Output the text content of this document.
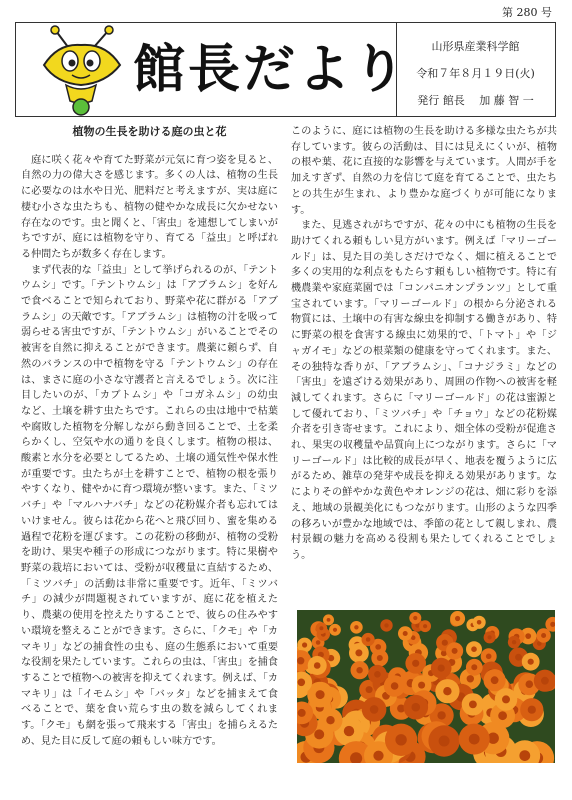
第 280 号
館長だより	山形県産業科学館
令和７年８月１９日(火)
発行 館長　 加 藤 智 一
植物の生長を助ける庭の虫と花

庭に咲く花々や育てた野菜が元気に育つ姿を見ると、自然の力の偉大さを感じます。多くの人は、植物の生長に必要なのは水や日光、肥料だと考えますが、実は庭に棲む小さな虫たちも、植物の健やかな成長に欠かせない存在なのです。虫と聞くと、「害虫」を連想してしまいがちですが、庭には植物を守り、育てる「益虫」と呼ばれる仲間たちが数多く存在します。

まず代表的な「益虫」として挙げられるのが、「テントウムシ」です。「テントウムシ」は「アブラムシ」を好んで食べることで知られており、野菜や花に群がる「アブラムシ」の天敵です。「アブラムシ」は植物の汁を吸って弱らせる害虫ですが、「テントウムシ」がいることでその被害を自然に抑えることができます。農薬に頼らず、自然のバランスの中で植物を守る「テントウムシ」の存在は、まさに庭の小さな守護者と言えるでしょう。次に注目したいのが、「カブトムシ」や「コガネムシ」の幼虫など、土壌を耕す虫たちです。これらの虫は地中で枯葉や腐敗した植物を分解しながら動き回ることで、土を柔らかくし、空気や水の通りを良くします。植物の根は、酸素と水分を必要としてるため、土壌の通気性や保水性が重要です。虫たちが土を耕すことで、植物の根を張りやすくなり、健やかに育つ環境が整います。また、「ミツバチ」や「マルハナバチ」などの花粉媒介者も忘れてはいけません。彼らは花から花へと飛び回り、蜜を集める過程で花粉を運びます。この花粉の移動が、植物の受粉を助け、果実や種子の形成につながります。特に果樹や野菜の栽培においては、受粉が収穫量に直結するため、「ミツバチ」の活動は非常に重要です。近年、「ミツバチ」の減少が問題視されていますが、庭に花を植えたり、農薬の使用を控えたりすることで、彼らの住みやすい環境を整えることができます。さらに、「クモ」や「カマキリ」などの捕食性の虫も、庭の生態系において重要な役割を果たしています。これらの虫は、「害虫」を捕食することで植物への被害を抑えてくれます。例えば、「カマキリ」は「イモムシ」や「バッタ」などを捕まえて食べることで、葉を食い荒らす虫の数を減らしてくれます。「クモ」も網を張って飛来する「害虫」を捕らえるため、見た目に反して庭の頼もしい味方です。

このように、庭には植物の生長を助ける多様な虫たちが共存しています。彼らの活動は、目には見えにくいが、植物の根や葉、花に直接的な影響を与えています。人間が手を加えすぎず、自然の力を信じて庭を育てることで、虫たちとの共生が生まれ、より豊かな庭づくりが可能になります。

また、見逃されがちですが、花々の中にも植物の生長を助けてくれる頼もしい見方がいます。例えば「マリーゴールド」は、見た目の美しさだけでなく、畑に植えることで多くの実用的な利点をもたらす頼もしい植物です。特に有機農業や家庭菜園では「コンパニオンプランツ」として重宝されています。「マリーゴールド」の根から分泌される物質には、土壌中の有害な線虫を抑制する働きがあり、特に野菜の根を食害する線虫に効果的で、「トマト」や「ジャガイモ」などの根菜類の健康を守ってくれます。また、その独特な香りが、「アブラムシ」、「コナジラミ」などの「害虫」を遠ざける効果があり、周囲の作物への被害を軽減してくれます。さらに「マリーゴールド」の花は蜜源として優れており、「ミツバチ」や「チョウ」などの花粉媒介者を引き寄せます。これにより、畑全体の受粉が促進され、果実の収穫量や品質向上につながります。さらに「マリーゴールド」は比較的成長が早く、地表を覆うように広がるため、雑草の発芽や成長を抑える効果があります。なによりその鮮やかな黄色やオレンジの花は、畑に彩りを添え、地域の景観美化にもつながります。山形のような四季の移ろいが豊かな地域では、季節の花として親しまれ、農村景観の魅力を高める役割も果たしてくれることでしょう。
